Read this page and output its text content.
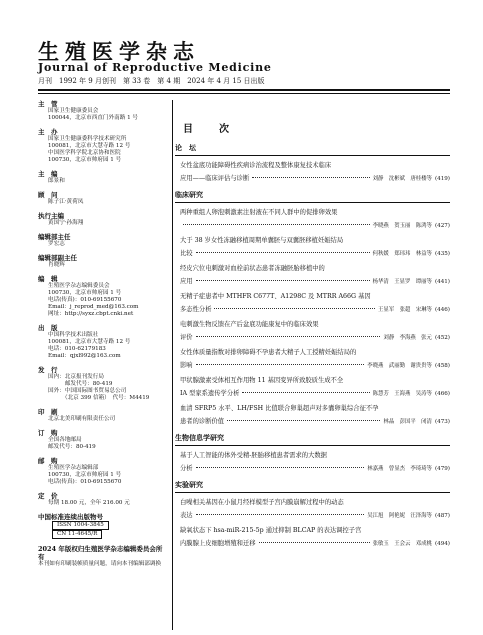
生殖医学杂志
Journal of Reproductive Medicine
月刊　1992 年 9 月创刊　第 33 卷　第 4 期　2024 年 4 月 15 日出版
主　管
国家卫生健康委员会
100044，北京市西直门外南路 1 号
主　办
国家卫生健康委科学技术研究所
100081，北京市大慧寺路 12 号
中国医学科学院北京协和医院
100730，北京市帅府园 1 号
主　编
郎景和
顾　问
陈子江·黄荷凤
执行主编
黄国宁·孙海翔
编辑部主任
罗宏志
编辑部副主任
肖晓辉
编　辑
生殖医学杂志编辑委员会
100730，北京市帅府园 1 号
电话(传真)：010-69155670
Email：j_reprod_med@163.com
网址：http://syxz.cbpt.cnki.net
出　版
中国科学技术出版社
100081，北京市大慧寺路 12 号
电话：010-62179183
Email：qjxl992@163.com
发　行
国内：北京报刊发行局
　　　邮发代号：80-419
国外：中国国际图书贸易总公司
　　　（北京 399 信箱）　代号：M4419
印　刷
北京北美印刷有限责任公司
订　购
全国各地邮局
邮发代号：80-419
邮　购
生殖医学杂志编辑部
100730，北京市帅府园 1 号
电话(传真)：010-69155670
定　价
每期 18.00 元，全年 216.00 元
中国标准连续出版物号
ISSN 1004-3845
CN 11-4645/R
2024 年版权归生殖医学杂志编辑委员会所有
本刊如有印刷装帧质量问题，请向本刊编辑部调换
目　次
论　坛
女性盆底功能障碍性疾病诊治流程及整体康复技术临床
应用——临床评估与诊断	刘静　沈彬斌　唐桂楼等 (419)
临床研究
两种重组人卵泡刺激素注射液在不同人群中的促排卵效果
李晓燕　贺玉丽　陈鸿等 (427)
大于 38 岁女性冻融移植周期单囊胚与双囊胚移植妊娠结局
比较	何秋媛　郑玮玮　林益等 (435)
经皮穴位电刺激对血栓前状态患者冻融胚胎移植中的
应用	杨华清　王显罗　谭丽等 (441)
无精子症患者中 MTHFR C677T、A1298C 及 MTRR A66G 基因
多态性分析	王显军　张超　宋琳等 (446)
电刺激生物反馈在产后盆底功能康复中的临床效果
评价	刘静　李海燕　张元 (452)
女性体质量指数对排卵障碍不孕患者大精子人工授精妊娠结局的
影响	李晓燕　武丽勤　谢贵贵等 (458)
甲状腺激素受体相互作用物 11 基因变异所致胶质生成不全
IA 型家系遗传学分析	陈慧芳　王海燕　吴涛等 (466)
血清 SFRP5 水平、LH/FSH 比值联合卵巢超声对多囊卵巢综合征不孕
患者的诊断价值	林晶　彭国平　闭清 (473)
生物信息学研究
基于人工智能的体外受精-胚胎移植患者需求的大数据
分析	林嘉燕　曾显杰　李琦琦等 (479)
实验研究
白噪相关基因在小鼠月经样模型子宫内膜崩解过程中的动态
表达	吴江旭　阿艳妮　汪泽海等 (487)
缺氧状态下 hsa-miR-215-5p 通过抑制 BLCAP 的表达调控子宫
内膜腺上皮细胞增殖和迁移	张敏玉　王会云　邓成桃 (494)
